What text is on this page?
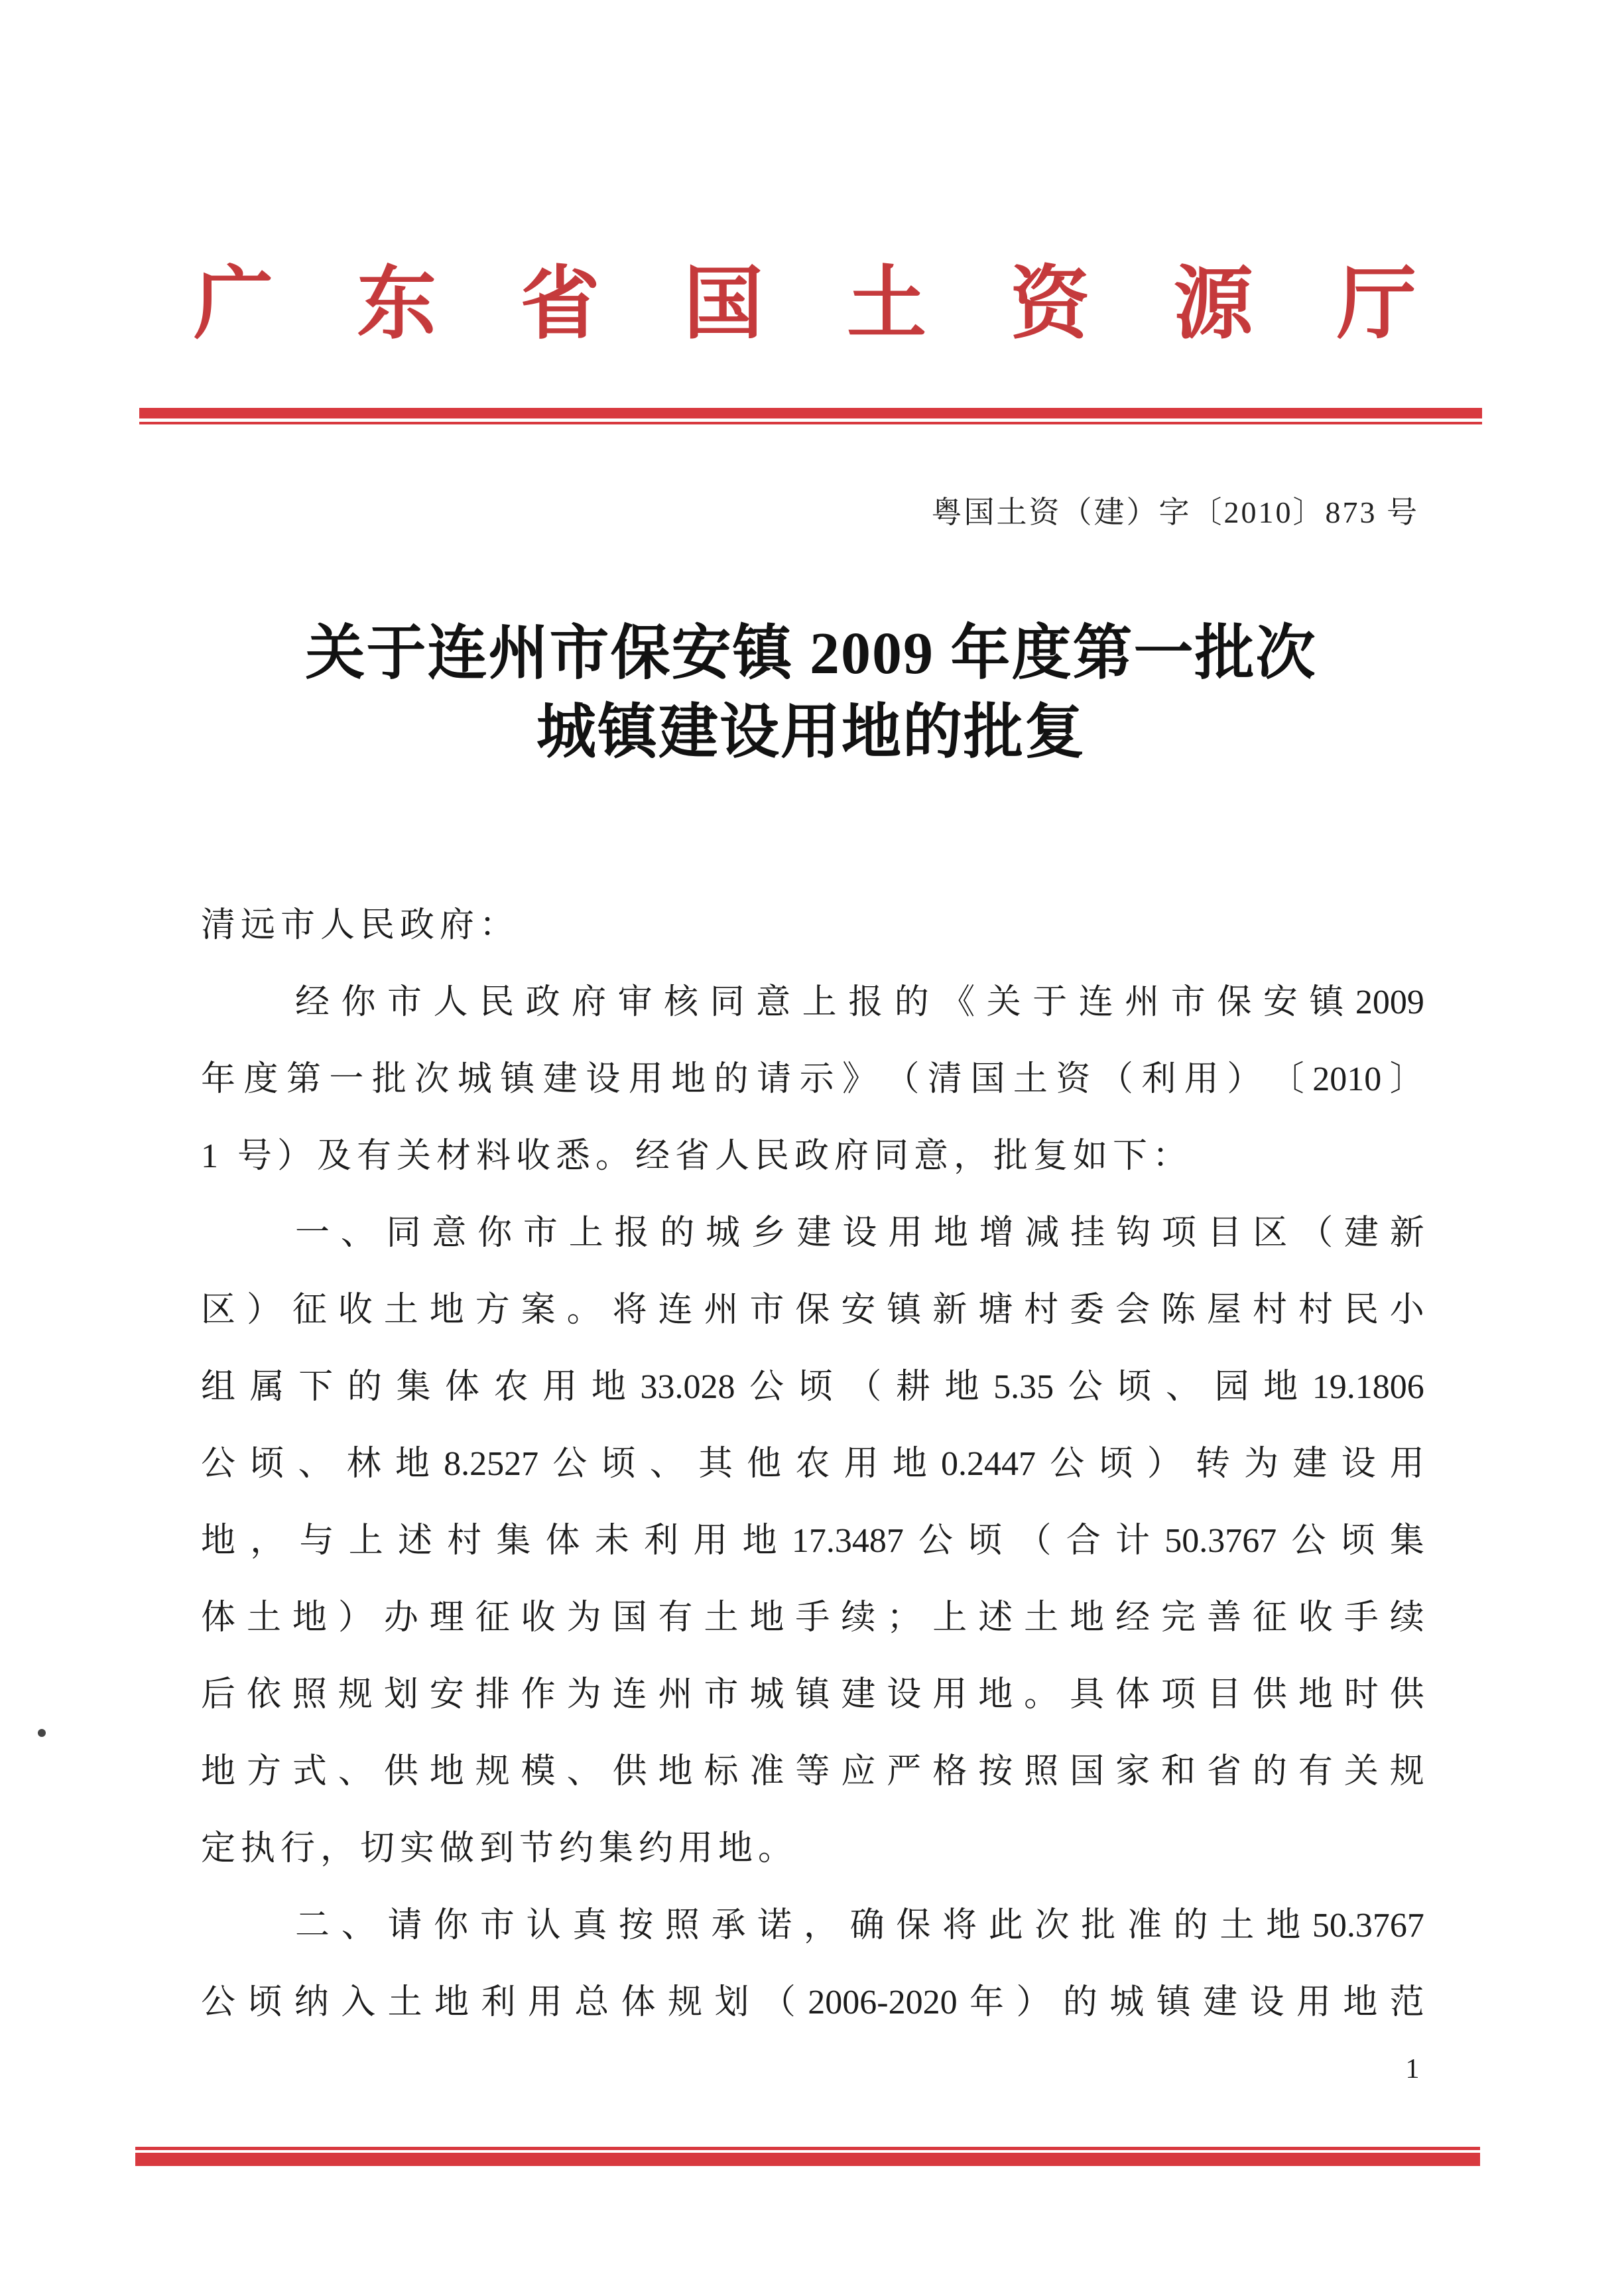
广 东 省 国 土 资 源 厅
粤国土资（建）字〔2010〕873 号
关于连州市保安镇 2009 年度第一批次
城镇建设用地的批复
清远市人民政府：
经 你 市 人 民 政 府 审 核 同 意 上 报 的 《 关 于 连 州 市 保 安 镇 2009
年 度 第 一 批 次 城 镇 建 设 用 地 的 请 示 》 （ 清 国 土 资 （ 利 用 ） 〔 2010 〕
1 号）及有关材料收悉。经省人民政府同意，批复如下：
一 、 同 意 你 市 上 报 的 城 乡 建 设 用 地 增 减 挂 钩 项 目 区 （ 建 新
区 ） 征 收 土 地 方 案 。 将 连 州 市 保 安 镇 新 塘 村 委 会 陈 屋 村 村 民 小
组 属 下 的 集 体 农 用 地 33.028 公 顷 （ 耕 地 5.35 公 顷 、 园 地 19.1806
公 顷 、 林 地 8.2527 公 顷 、 其 他 农 用 地 0.2447 公 顷 ） 转 为 建 设 用
地 ， 与 上 述 村 集 体 未 利 用 地 17.3487 公 顷 （ 合 计 50.3767 公 顷 集
体 土 地 ） 办 理 征 收 为 国 有 土 地 手 续 ； 上 述 土 地 经 完 善 征 收 手 续
后 依 照 规 划 安 排 作 为 连 州 市 城 镇 建 设 用 地 。 具 体 项 目 供 地 时 供
地 方 式 、 供 地 规 模 、 供 地 标 准 等 应 严 格 按 照 国 家 和 省 的 有 关 规
定执行，切实做到节约集约用地。
二 、 请 你 市 认 真 按 照 承 诺 ， 确 保 将 此 次 批 准 的 土 地 50.3767
公 顷 纳 入 土 地 利 用 总 体 规 划 （ 2006-2020 年 ） 的 城 镇 建 设 用 地 范
1
